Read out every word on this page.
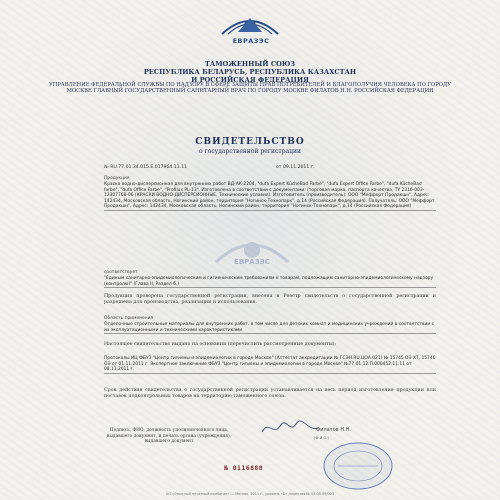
ЕВРАЗЭС
ТАМОЖЕННЫЙ СОЮЗ
РЕСПУБЛИКА БЕЛАРУСЬ, РЕСПУБЛИКА КАЗАХСТАН
И РОССИЙСКАЯ ФЕДЕРАЦИЯ
УПРАВЛЕНИЕ ФЕДЕРАЛЬНОЙ СЛУЖБЫ ПО НАДЗОРУ В СФЕРЕ ЗАЩИТЫ ПРАВ ПОТРЕБИТЕЛЕЙ И БЛАГОПОЛУЧИЯ ЧЕЛОВЕКА ПО ГОРОДУ МОСКВЕ ГЛАВНЫЙ ГОСУДАРСТВЕННЫЙ САНИТАРНЫЙ ВРАЧ ПО ГОРОДУ МОСКВЕ ФИЛАТОВ Н.Н. РОССИЙСКАЯ ФЕДЕРАЦИЯ
СВИДЕТЕЛЬСТВО
о государственной регистрации
№ RU.77.01.34.015.Е.017964.11.11	от 09.11.2011 г.
Продукция
Краска водно-дисперсионная для внутренних работ ВД-АК-2204, "dufa Expert KücheBad Farbe", "dufa Expert Office Farbe", "dufa KücheBad farbe", "dufa Office Farbe", "Profilux PL-13". Изготовлена в соответствии с документами: (торговая марка, паспорта качества, ТУ 2316-003-13307768-06 (КРАСКИ ВОДНО-ДИСПЕРСИОННЫЕ. Технические условия). Изготовитель (производитель): ООО "Меффорт Продакшн", Адрес: 142434, Московская область, Ногинский район, территория "Ногинск-Технопарк", д.14 (Российская Федерация). Получатель: ООО "Меффорт Продакшн", Адрес: 142434, Московская область, Ногинский район, территория "Ногинск-Технопарк", д.14 (Российская Федерация)
ЕВРАЗЭС
соответствует
"Единым санитарно-эпидемиологическим и гигиеническим требованиям к товарам, подлежащим санитарно-эпидемиологическому надзору (контролю)" (Глава II, Раздел 6.)
Продукция проверена государственной регистрации, внесена в Реестр свидетельств о государственной регистрации и разрешена для производства, реализации и использования.
Область применения
Отделочные строительные материалы для внутренних работ, в том числе для детских комнат и медицинских учреждений в соответствии с их эксплуатационными и техническими характеристиками
Настоящее свидетельство выдано на основании (перечислить рассмотренные документы):
Протоколы ИЦ ФБУЗ "Центр гигиены и эпидемиологии в городе Москве" (Аттестат аккредитации № ГСЭН.RU.ЦОА.021) № 15745 ОЭ ХТ, 15746 ОЭ от 01.11.2011 г. Экспертное заключение ФБУЗ "Центр гигиены и эпидемиологии в городе Москве" №77.01.12.П.000452.11.11 от 08.11.2011 г.
Срок действия свидетельства о государственной регистрации устанавливается на весь период изготовления продукции или поставок подконтрольных товаров на территорию таможенного союза.
Подпись, ФИО, должность уполномоченного лица, выдавшего документ, и печать органа (учреждения), выдавшего документ
Филатов Н.Н.
(Ф.И.О.)
№ 0116888
АО «Опытный печатный комбинат» — Москва, 2011 г., уровень «Б» лицензия № 05-05-09/003
